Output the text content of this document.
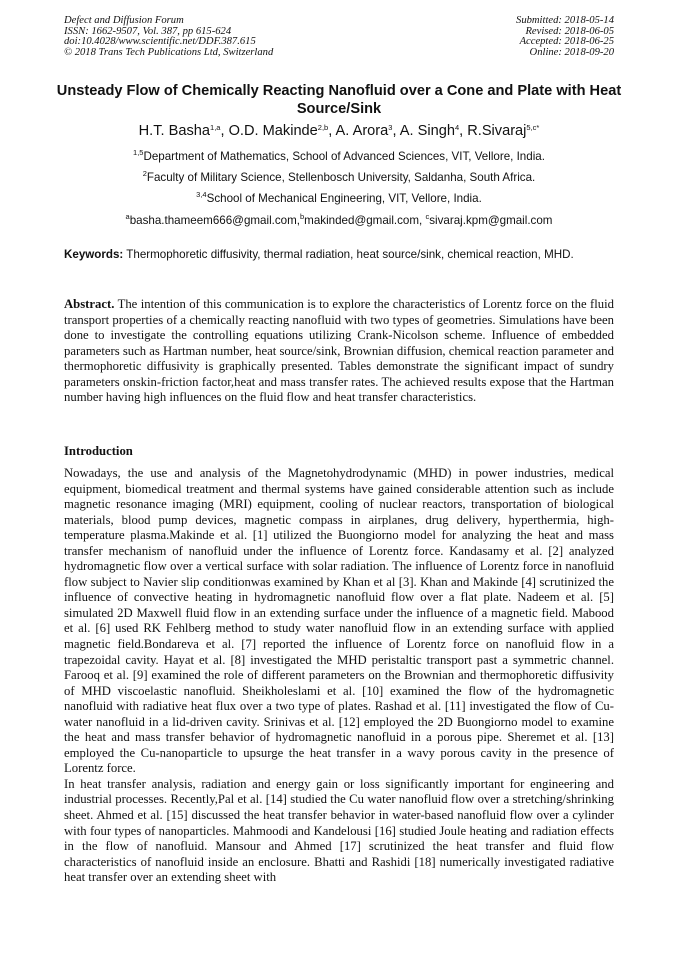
Defect and Diffusion Forum
ISSN: 1662-9507, Vol. 387, pp 615-624
doi:10.4028/www.scientific.net/DDF.387.615
© 2018 Trans Tech Publications Ltd, Switzerland
Submitted: 2018-05-14
Revised: 2018-06-05
Accepted: 2018-06-25
Online: 2018-09-20
Unsteady Flow of Chemically Reacting Nanofluid over a Cone and Plate with Heat Source/Sink
H.T. Basha$^{1,a}$, O.D. Makinde$^{2,b}$, A. Arora$^3$, A. Singh$^4$, R.Sivaraj$^{5,c*}$
$^{1,5}$Department of Mathematics, School of Advanced Sciences, VIT, Vellore, India.
$^2$Faculty of Military Science, Stellenbosch University, Saldanha, South Africa.
$^{3,4}$School of Mechanical Engineering, VIT, Vellore, India.
$^a$basha.thameem666@gmail.com,$^b$makinded@gmail.com, $^c$sivaraj.kpm@gmail.com
Keywords: Thermophoretic diffusivity, thermal radiation, heat source/sink, chemical reaction, MHD.
Abstract. The intention of this communication is to explore the characteristics of Lorentz force on the fluid transport properties of a chemically reacting nanofluid with two types of geometries. Simulations have been done to investigate the controlling equations utilizing Crank-Nicolson scheme. Influence of embedded parameters such as Hartman number, heat source/sink, Brownian diffusion, chemical reaction parameter and thermophoretic diffusivity is graphically presented. Tables demonstrate the significant impact of sundry parameters onskin-friction factor,heat and mass transfer rates. The achieved results expose that the Hartman number having high influences on the fluid flow and heat transfer characteristics.
Introduction

Nowadays, the use and analysis of the Magnetohydrodynamic (MHD) in power industries, medical equipment, biomedical treatment and thermal systems have gained considerable attention such as include magnetic resonance imaging (MRI) equipment, cooling of nuclear reactors, transportation of biological materials, blood pump devices, magnetic compass in airplanes, drug delivery, hyperthermia, high-temperature plasma.Makinde et al. [1] utilized the Buongiorno model for analyzing the heat and mass transfer mechanism of nanofluid under the influence of Lorentz force. Kandasamy et al. [2] analyzed hydromagnetic flow over a vertical surface with solar radiation. The influence of Lorentz force in nanofluid flow subject to Navier slip conditionwas examined by Khan et al [3]. Khan and Makinde [4] scrutinized the influence of convective heating in hydromagnetic nanofluid flow over a flat plate. Nadeem et al. [5] simulated 2D Maxwell fluid flow in an extending surface under the influence of a magnetic field. Mabood et al. [6] used RK Fehlberg method to study water nanofluid flow in an extending surface with applied magnetic field.Bondareva et al. [7] reported the influence of Lorentz force on nanofluid flow in a trapezoidal cavity. Hayat et al. [8] investigated the MHD peristaltic transport past a symmetric channel. Farooq et al. [9] examined the role of different parameters on the Brownian and thermophoretic diffusivity of MHD viscoelastic nanofluid. Sheikholeslami et al. [10] examined the flow of the hydromagnetic nanofluid with radiative heat flux over a two type of plates. Rashad et al. [11] investigated the flow of Cu-water nanofluid in a lid-driven cavity. Srinivas et al. [12] employed the 2D Buongiorno model to examine the heat and mass transfer behavior of hydromagnetic nanofluid in a porous pipe. Sheremet et al. [13] employed the Cu-nanoparticle to upsurge the heat transfer in a wavy porous cavity in the presence of Lorentz force.

In heat transfer analysis, radiation and energy gain or loss significantly important for engineering and industrial processes. Recently,Pal et al. [14] studied the Cu water nanofluid flow over a stretching/shrinking sheet. Ahmed et al. [15] discussed the heat transfer behavior in water-based nanofluid flow over a cylinder with four types of nanoparticles. Mahmoodi and Kandelousi [16] studied Joule heating and radiation effects in the flow of nanofluid. Mansour and Ahmed [17] scrutinized the heat transfer and fluid flow characteristics of nanofluid inside an enclosure. Bhatti and Rashidi [18] numerically investigated radiative heat transfer over an extending sheet with
